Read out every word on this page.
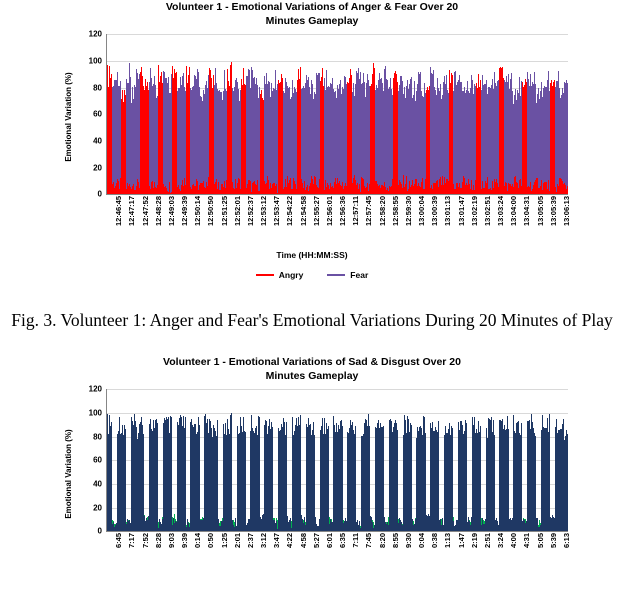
Volunteer 1 - Emotional Variations of Anger & Fear Over 20
Minutes Gameplay
Emotional Variation (%)
0
20
40
60
80
100
120
12:46:45 12:47:17 12:47:52 12:48:28 12:49:03 12:49:39 12:50:14 12:50:50 12:51:25 12:52:01 12:52:37 12:53:12 12:53:47 12:54:22 12:54:58 12:55:27 12:56:01 12:56:36 12:57:11 12:57:45 12:58:20 12:58:55 12:59:30 13:00:04 13:00:39 13:01:13 13:01:47 13:02:19 13:02:51 13:03:24 13:04:00 13:04:31 13:05:05 13:05:39 13:06:13
Time (HH:MM:SS)
Angry	Fear
Fig. 3. Volunteer 1: Anger and Fear's Emotional Variations During 20 Minutes of Play
Volunteer 1 - Emotional Variations of Sad & Disgust Over 20
Minutes Gameplay
Emotional Variation (%)
0
20
40
60
80
100
120
6:45 7:17 7:52 8:28 9:03 9:39 0:14 0:50 1:25 2:01 2:37 3:12 3:47 4:22 4:58 5:27 6:01 6:35 7:11 7:45 8:20 8:55 9:30 0:04 0:38 1:13 1:47 2:19 2:51 3:24 4:00 4:31 5:05 5:39 6:13
